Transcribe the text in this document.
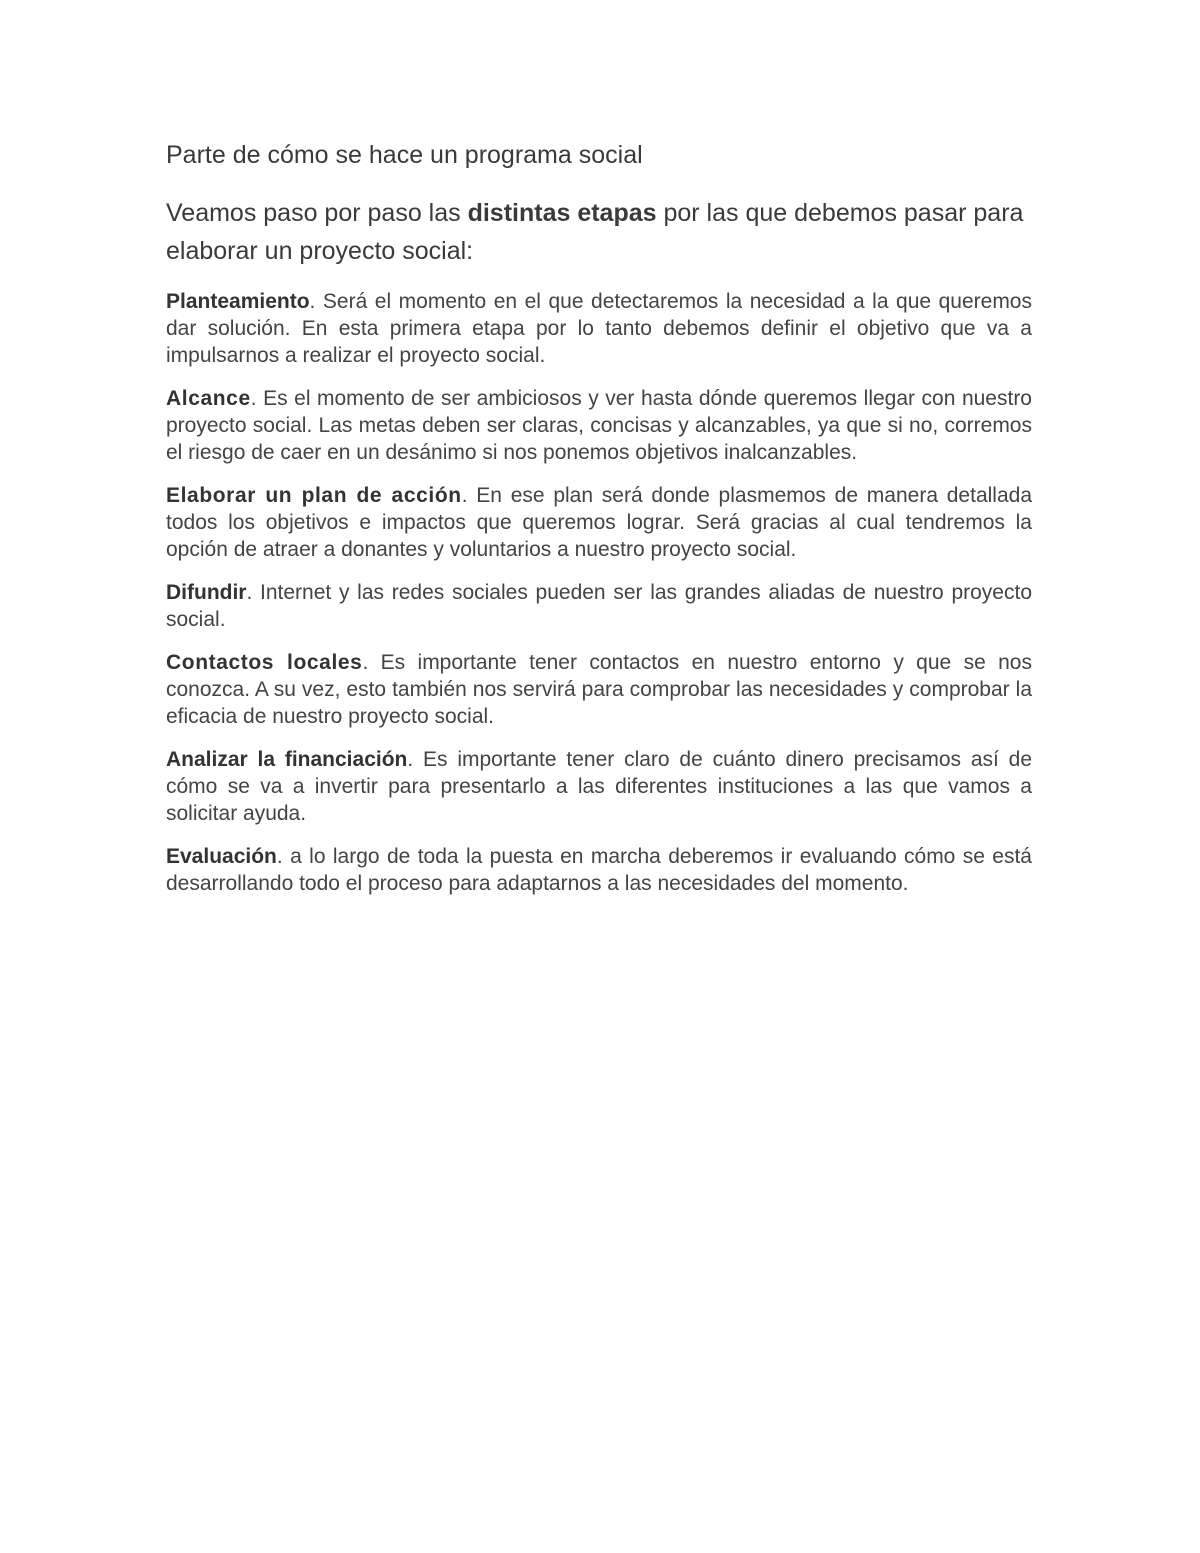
Parte de cómo se hace un programa social

Veamos paso por paso las distintas etapas por las que debemos pasar para elaborar un proyecto social:

Planteamiento. Será el momento en el que detectaremos la necesidad a la que queremos dar solución. En esta primera etapa por lo tanto debemos definir el objetivo que va a impulsarnos a realizar el proyecto social.

Alcance. Es el momento de ser ambiciosos y ver hasta dónde queremos llegar con nuestro proyecto social. Las metas deben ser claras, concisas y alcanzables, ya que si no, corremos el riesgo de caer en un desánimo si nos ponemos objetivos inalcanzables.

Elaborar un plan de acción. En ese plan será donde plasmemos de manera detallada todos los objetivos e impactos que queremos lograr. Será gracias al cual tendremos la opción de atraer a donantes y voluntarios a nuestro proyecto social.

Difundir. Internet y las redes sociales pueden ser las grandes aliadas de nuestro proyecto social.

Contactos locales. Es importante tener contactos en nuestro entorno y que se nos conozca. A su vez, esto también nos servirá para comprobar las necesidades y comprobar la eficacia de nuestro proyecto social.

Analizar la financiación. Es importante tener claro de cuánto dinero precisamos así de cómo se va a invertir para presentarlo a las diferentes instituciones a las que vamos a solicitar ayuda.

Evaluación. a lo largo de toda la puesta en marcha deberemos ir evaluando cómo se está desarrollando todo el proceso para adaptarnos a las necesidades del momento.
